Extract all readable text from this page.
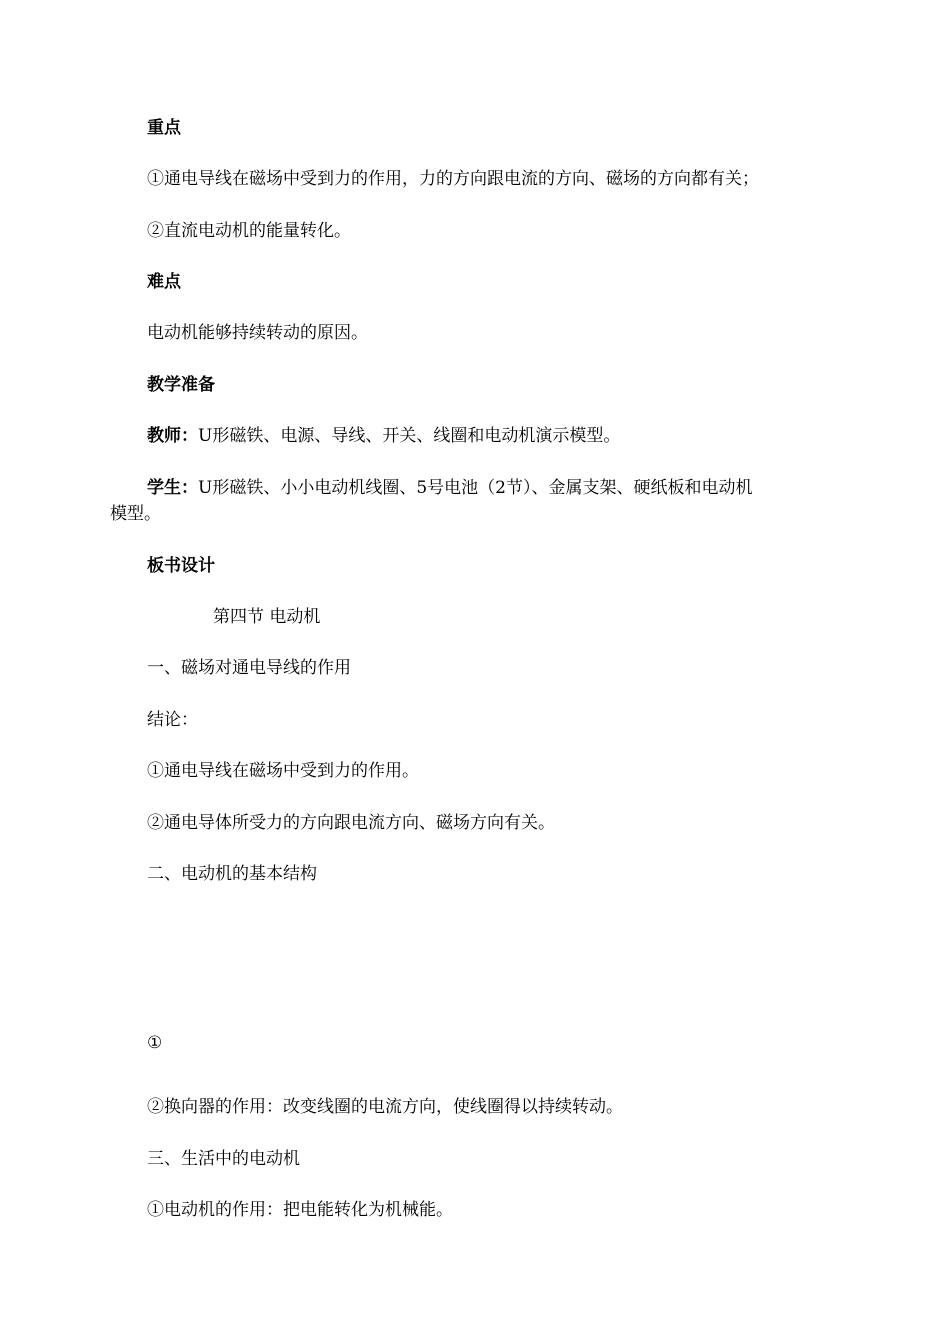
重点
①通电导线在磁场中受到力的作用，力的方向跟电流的方向、磁场的方向都有关；
②直流电动机的能量转化。
难点
电动机能够持续转动的原因。
教学准备
教师：U形磁铁、电源、导线、开关、线圈和电动机演示模型。
学生：U形磁铁、小小电动机线圈、5号电池（2节）、金属支架、硬纸板和电动机
模型。
板书设计
第四节 电动机
一、磁场对通电导线的作用
结论：
①通电导线在磁场中受到力的作用。
②通电导体所受力的方向跟电流方向、磁场方向有关。
二、电动机的基本结构
①
②换向器的作用：改变线圈的电流方向，使线圈得以持续转动。
三、生活中的电动机
①电动机的作用：把电能转化为机械能。
